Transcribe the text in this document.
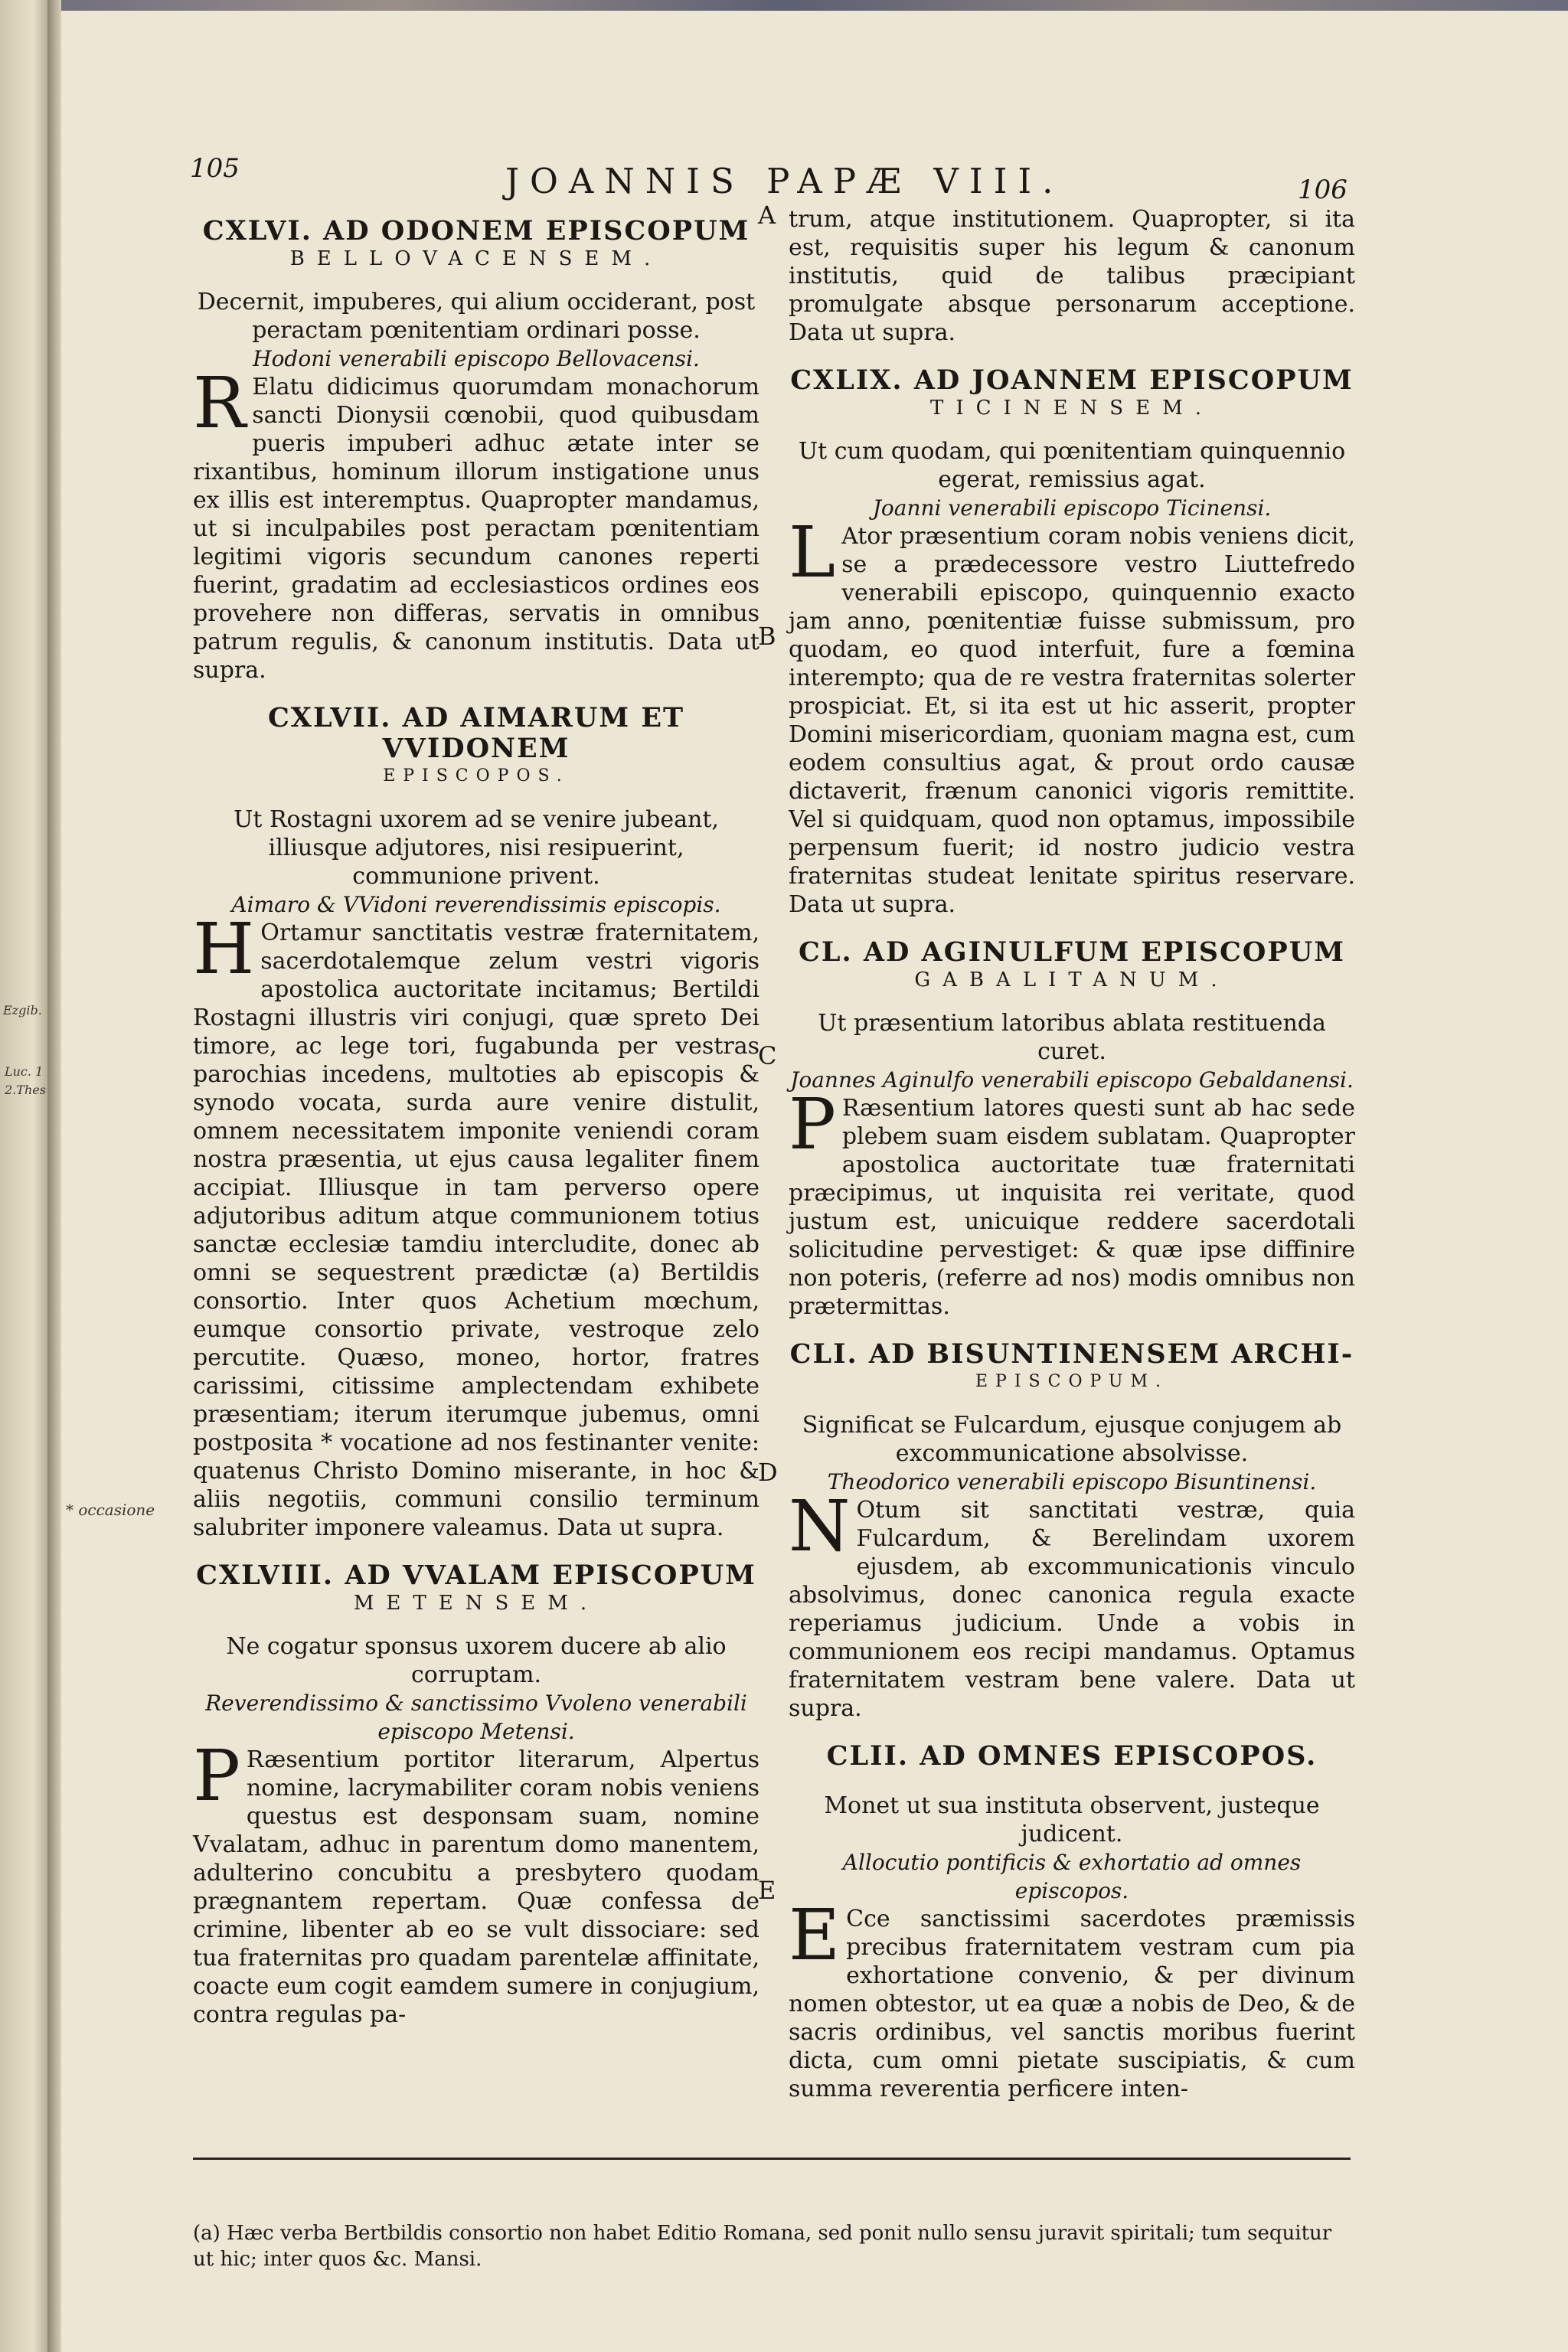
Ezgib.
Luc. 1
2.Thes
* occasione
105	JOANNIS PAPÆ VIII.	106
A
B
C
D
E
CXLVI. AD ODONEM EPISCOPUM
BELLOVACENSEM.

Decernit, impuberes, qui alium occiderant, post peractam pœnitentiam ordinari posse.

Hodoni venerabili episcopo Bellovacensi.

R Elatu didicimus quorumdam monachorum sancti Dionysii cœnobii, quod quibusdam pueris impuberi adhuc ætate inter se rixantibus, hominum illorum instigatione unus ex illis est interemptus. Quapropter mandamus, ut si inculpabiles post peractam pœnitentiam legitimi vigoris secundum canones reperti fuerint, gradatim ad ecclesiasticos ordines eos provehere non differas, servatis in omnibus patrum regulis, & canonum institutis. Data ut supra.

CXLVII. AD AIMARUM ET VVIDONEM
EPISCOPOS.

Ut Rostagni uxorem ad se venire jubeant, illiusque adjutores, nisi resipuerint, communione privent.

Aimaro & VVidoni reverendissimis episcopis.

H Ortamur sanctitatis vestræ fraternitatem, sacerdotalemque zelum vestri vigoris apostolica auctoritate incitamus; Bertildi Rostagni illustris viri conjugi, quæ spreto Dei timore, ac lege tori, fugabunda per vestras parochias incedens, multoties ab episcopis & synodo vocata, surda aure venire distulit, omnem necessitatem imponite veniendi coram nostra præsentia, ut ejus causa legaliter finem accipiat. Illiusque in tam perverso opere adjutoribus aditum atque communionem totius sanctæ ecclesiæ tamdiu intercludite, donec ab omni se sequestrent prædictæ (a) Bertildis consortio. Inter quos Achetium mœchum, eumque consortio private, vestroque zelo percutite. Quæso, moneo, hortor, fratres carissimi, citissime amplectendam exhibete præsentiam; iterum iterumque jubemus, omni postposita * vocatione ad nos festinanter venite: quatenus Christo Domino miserante, in hoc & aliis negotiis, communi consilio terminum salubriter imponere valeamus. Data ut supra.

CXLVIII. AD VVALAM EPISCOPUM
METENSEM.

Ne cogatur sponsus uxorem ducere ab alio corruptam.

Reverendissimo & sanctissimo Vvoleno venerabili episcopo Metensi.

P Ræsentium portitor literarum, Alpertus nomine, lacrymabiliter coram nobis veniens questus est desponsam suam, nomine Vvalatam, adhuc in parentum domo manentem, adulterino concubitu a presbytero quodam prægnantem repertam. Quæ confessa de crimine, libenter ab eo se vult dissociare: sed tua fraternitas pro quadam parentelæ affinitate, coacte eum cogit eamdem sumere in conjugium, contra regulas pa-

trum, atque institutionem. Quapropter, si ita est, requisitis super his legum & canonum institutis, quid de talibus præcipiant promulgate absque personarum acceptione. Data ut supra.

CXLIX. AD JOANNEM EPISCOPUM
TICINENSEM.

Ut cum quodam, qui pœnitentiam quinquennio egerat, remissius agat.

Joanni venerabili episcopo Ticinensi.

L Ator præsentium coram nobis veniens dicit, se a prædecessore vestro Liuttefredo venerabili episcopo, quinquennio exacto jam anno, pœnitentiæ fuisse submissum, pro quodam, eo quod interfuit, fure a fœmina interempto; qua de re vestra fraternitas solerter prospiciat. Et, si ita est ut hic asserit, propter Domini misericordiam, quoniam magna est, cum eodem consultius agat, & prout ordo causæ dictaverit, frænum canonici vigoris remittite. Vel si quidquam, quod non optamus, impossibile perpensum fuerit; id nostro judicio vestra fraternitas studeat lenitate spiritus reservare. Data ut supra.

CL. AD AGINULFUM EPISCOPUM
GABALITANUM.

Ut præsentium latoribus ablata restituenda curet.

Joannes Aginulfo venerabili episcopo Gebaldanensi.

P Ræsentium latores questi sunt ab hac sede plebem suam eisdem sublatam. Quapropter apostolica auctoritate tuæ fraternitati præcipimus, ut inquisita rei veritate, quod justum est, unicuique reddere sacerdotali solicitudine pervestiget: & quæ ipse diffinire non poteris, (referre ad nos) modis omnibus non prætermittas.

CLI. AD BISUNTINENSEM ARCHI-
EPISCOPUM.

Significat se Fulcardum, ejusque conjugem ab excommunicatione absolvisse.

Theodorico venerabili episcopo Bisuntinensi.

N Otum sit sanctitati vestræ, quia Fulcardum, & Berelindam uxorem ejusdem, ab excommunicationis vinculo absolvimus, donec canonica regula exacte reperiamus judicium. Unde a vobis in communionem eos recipi mandamus. Optamus fraternitatem vestram bene valere. Data ut supra.

CLII. AD OMNES EPISCOPOS.

Monet ut sua instituta observent, justeque judicent.

Allocutio pontificis & exhortatio ad omnes episcopos.

E Cce sanctissimi sacerdotes præmissis precibus fraternitatem vestram cum pia exhortatione convenio, & per divinum nomen obtestor, ut ea quæ a nobis de Deo, & de sacris ordinibus, vel sanctis moribus fuerint dicta, cum omni pietate suscipiatis, & cum summa reverentia perficere inten-

(a) Hæc verba Bertbildis consortio non habet Editio Romana, sed ponit nullo sensu juravit spiritali; tum sequitur ut hic; inter quos &c. Mansi.
